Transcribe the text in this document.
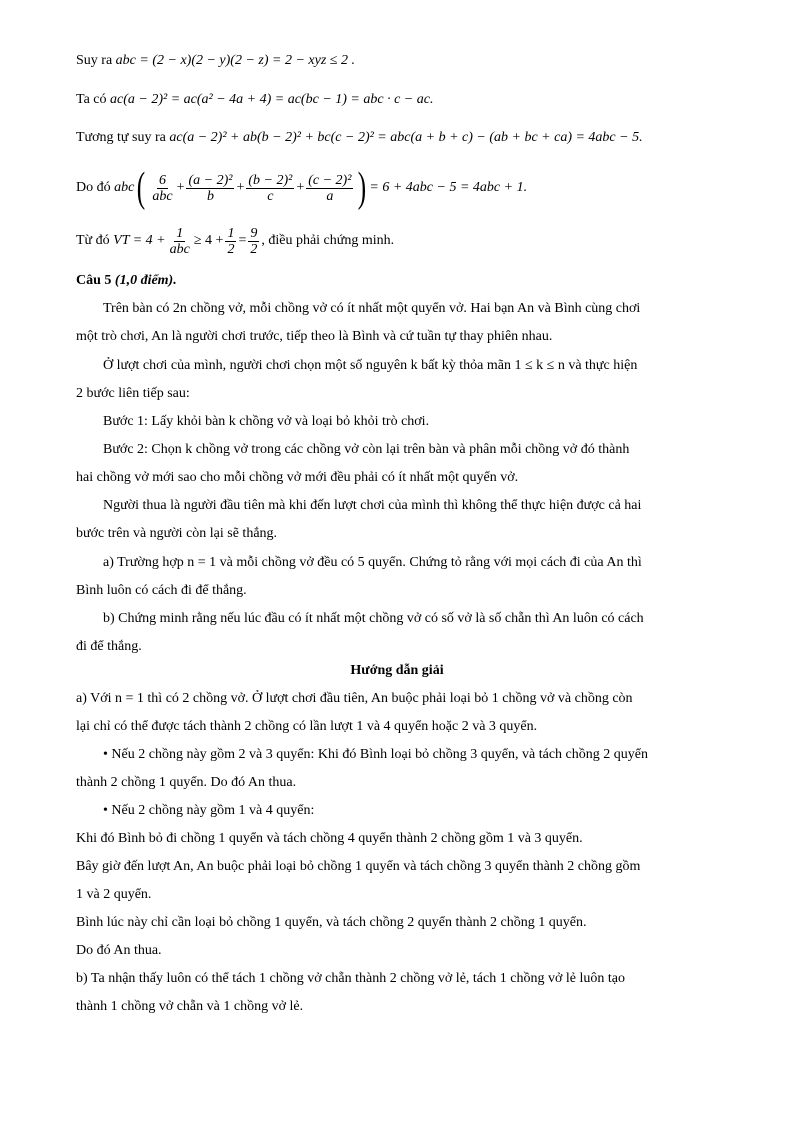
Suy ra abc = (2 − x)(2 − y)(2 − z) = 2 − xyz ≤ 2 .
Ta có ac(a − 2)² = ac(a² − 4a + 4) = ac(bc − 1) = abc · c − ac.
Tương tự suy ra ac(a − 2)² + ab(b − 2)² + bc(c − 2)² = abc(a + b + c) − (ab + bc + ca) = 4abc − 5.
Do đó
abc ( $\frac{6}{\text{abc}} + \frac{\text{(a − 2)²}}{b} + \frac{\text{(b − 2)²}}{c} + \frac{\text{(c − 2)²}}{a}$ ) = 6 + 4abc − 5 = 4abc + 1.
Từ đó
VT = $4 + \frac{1}{\text{abc}} \ge 4 + \frac{1}{2} = \frac{9}{2}$ , điều phải chứng minh.
Câu 5 (1,0 điểm).
Trên bàn có 2n chồng vở, mỗi chồng vở có ít nhất một quyển vở. Hai bạn An và Bình cùng chơi
một trò chơi, An là người chơi trước, tiếp theo là Bình và cứ tuần tự thay phiên nhau.
Ở lượt chơi của mình, người chơi chọn một số nguyên k bất kỳ thỏa mãn 1 ≤ k ≤ n và thực hiện
2 bước liên tiếp sau:
Bước 1: Lấy khỏi bàn k chồng vở và loại bỏ khỏi trò chơi.
Bước 2: Chọn k chồng vở trong các chồng vở còn lại trên bàn và phân mỗi chồng vở đó thành
hai chồng vở mới sao cho mỗi chồng vở mới đều phải có ít nhất một quyển vở.
Người thua là người đầu tiên mà khi đến lượt chơi của mình thì không thể thực hiện được cả hai
bước trên và người còn lại sẽ thắng.
a) Trường hợp n = 1 và mỗi chồng vở đều có 5 quyển. Chứng tỏ rằng với mọi cách đi của An thì
Bình luôn có cách đi để thắng.
b) Chứng minh rằng nếu lúc đầu có ít nhất một chồng vở có số vở là số chẵn thì An luôn có cách
đi để thắng.
Hướng dẫn giải
a) Với n = 1 thì có 2 chồng vở. Ở lượt chơi đầu tiên, An buộc phải loại bỏ 1 chồng vở và chồng còn
lại chỉ có thể được tách thành 2 chồng có lần lượt 1 và 4 quyển hoặc 2 và 3 quyển.
• Nếu 2 chồng này gồm 2 và 3 quyển: Khi đó Bình loại bỏ chồng 3 quyển, và tách chồng 2 quyển
thành 2 chồng 1 quyển. Do đó An thua.
• Nếu 2 chồng này gồm 1 và 4 quyển:
Khi đó Bình bỏ đi chồng 1 quyển và tách chồng 4 quyển thành 2 chồng gồm 1 và 3 quyển.
Bây giờ đến lượt An, An buộc phải loại bỏ chồng 1 quyển và tách chồng 3 quyển thành 2 chồng gồm
1 và 2 quyển.
Bình lúc này chỉ cần loại bỏ chồng 1 quyển, và tách chồng 2 quyển thành 2 chồng 1 quyển.
Do đó An thua.
b) Ta nhận thấy luôn có thể tách 1 chồng vở chẵn thành 2 chồng vở lẻ, tách 1 chồng vở lẻ luôn tạo
thành 1 chồng vở chẵn và 1 chồng vở lẻ.
